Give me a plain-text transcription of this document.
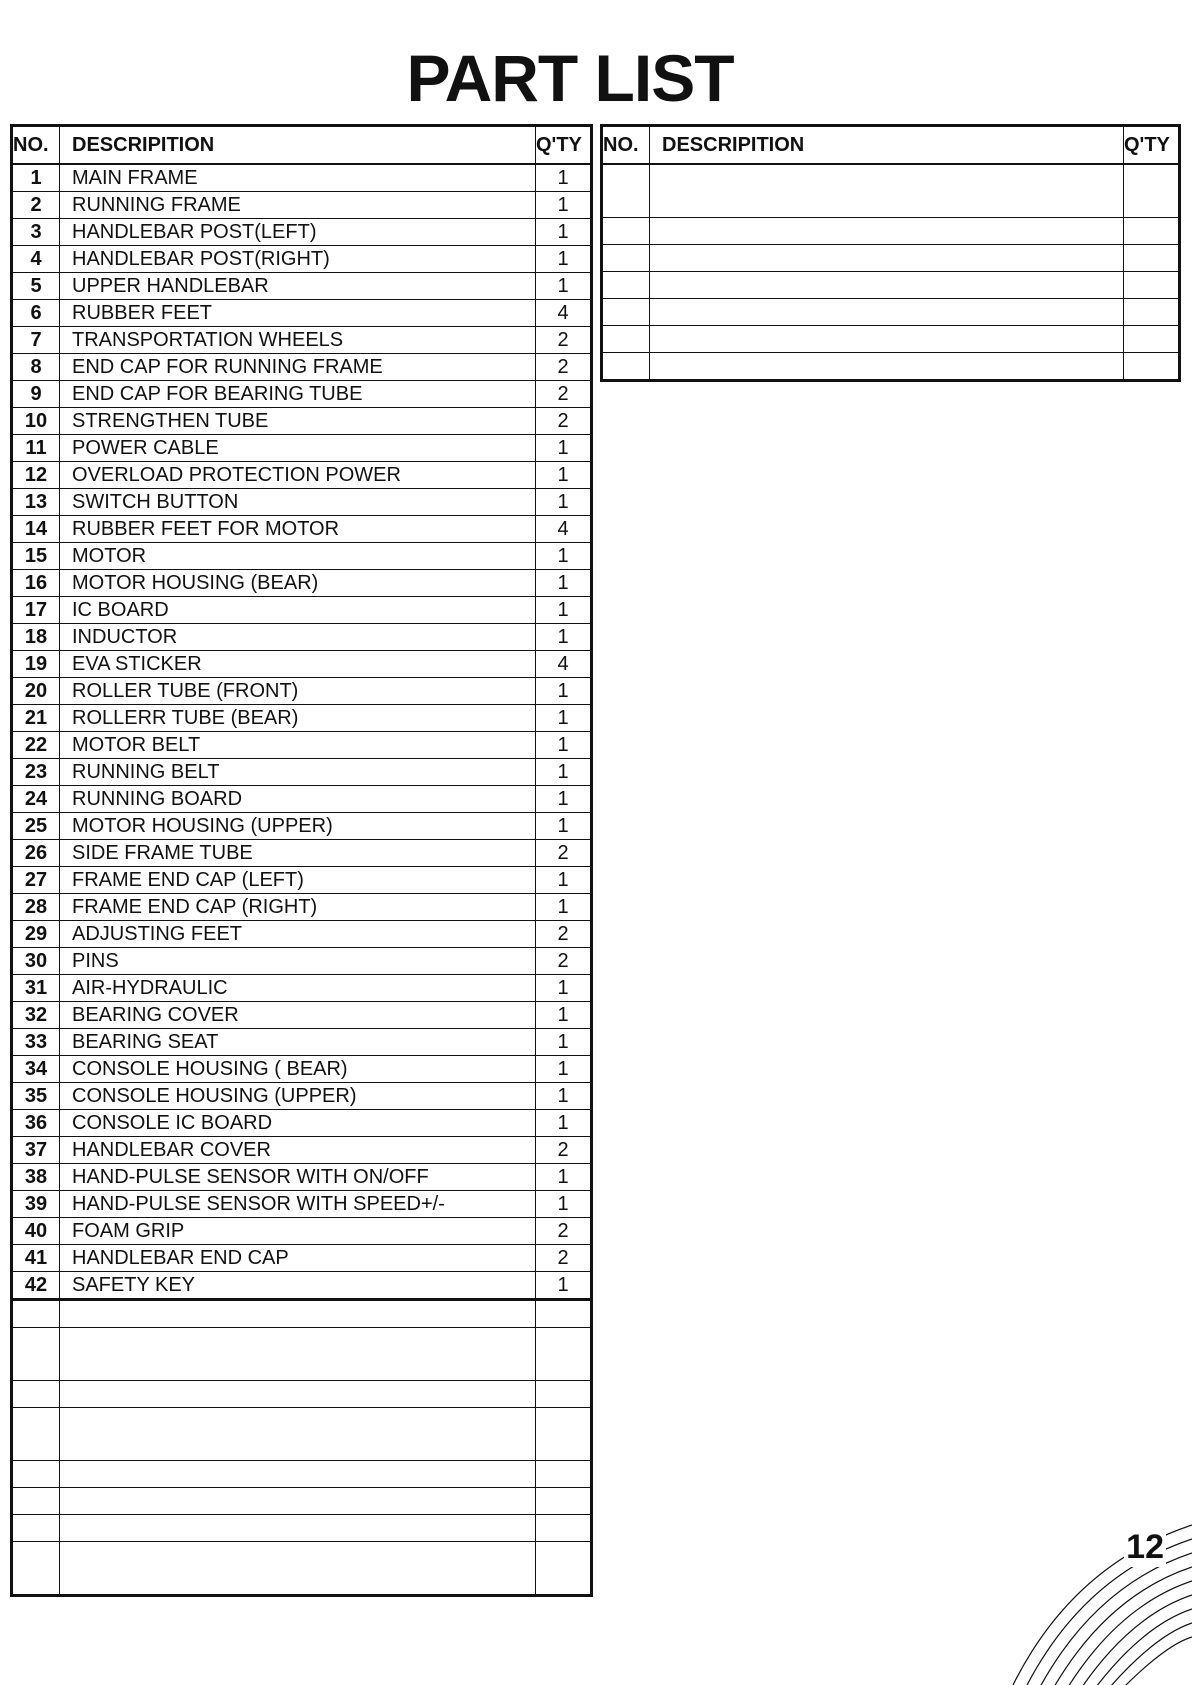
PART LIST
NO.	DESCRIPITION	Q'TY
1	MAIN FRAME	1
2	RUNNING FRAME	1
3	HANDLEBAR POST(LEFT)	1
4	HANDLEBAR POST(RIGHT)	1
5	UPPER HANDLEBAR	1
6	RUBBER FEET	4
7	TRANSPORTATION WHEELS	2
8	END CAP FOR RUNNING FRAME	2
9	END CAP FOR BEARING TUBE	2
10	STRENGTHEN TUBE	2
11	POWER CABLE	1
12	OVERLOAD PROTECTION POWER	1
13	SWITCH BUTTON	1
14	RUBBER FEET FOR MOTOR	4
15	MOTOR	1
16	MOTOR HOUSING (BEAR)	1
17	IC BOARD	1
18	INDUCTOR	1
19	EVA STICKER	4
20	ROLLER TUBE (FRONT)	1
21	ROLLERR TUBE (BEAR)	1
22	MOTOR BELT	1
23	RUNNING BELT	1
24	RUNNING BOARD	1
25	MOTOR HOUSING (UPPER)	1
26	SIDE FRAME TUBE	2
27	FRAME END CAP (LEFT)	1
28	FRAME END CAP (RIGHT)	1
29	ADJUSTING FEET	2
30	PINS	2
31	AIR-HYDRAULIC	1
32	BEARING COVER	1
33	BEARING SEAT	1
34	CONSOLE HOUSING ( BEAR)	1
35	CONSOLE HOUSING (UPPER)	1
36	CONSOLE IC BOARD	1
37	HANDLEBAR COVER	2
38	HAND-PULSE SENSOR WITH ON/OFF	1
39	HAND-PULSE SENSOR WITH SPEED+/-	1
40	FOAM GRIP	2
41	HANDLEBAR END CAP	2
42	SAFETY KEY	1

NO.	DESCRIPITION	Q'TY

12
